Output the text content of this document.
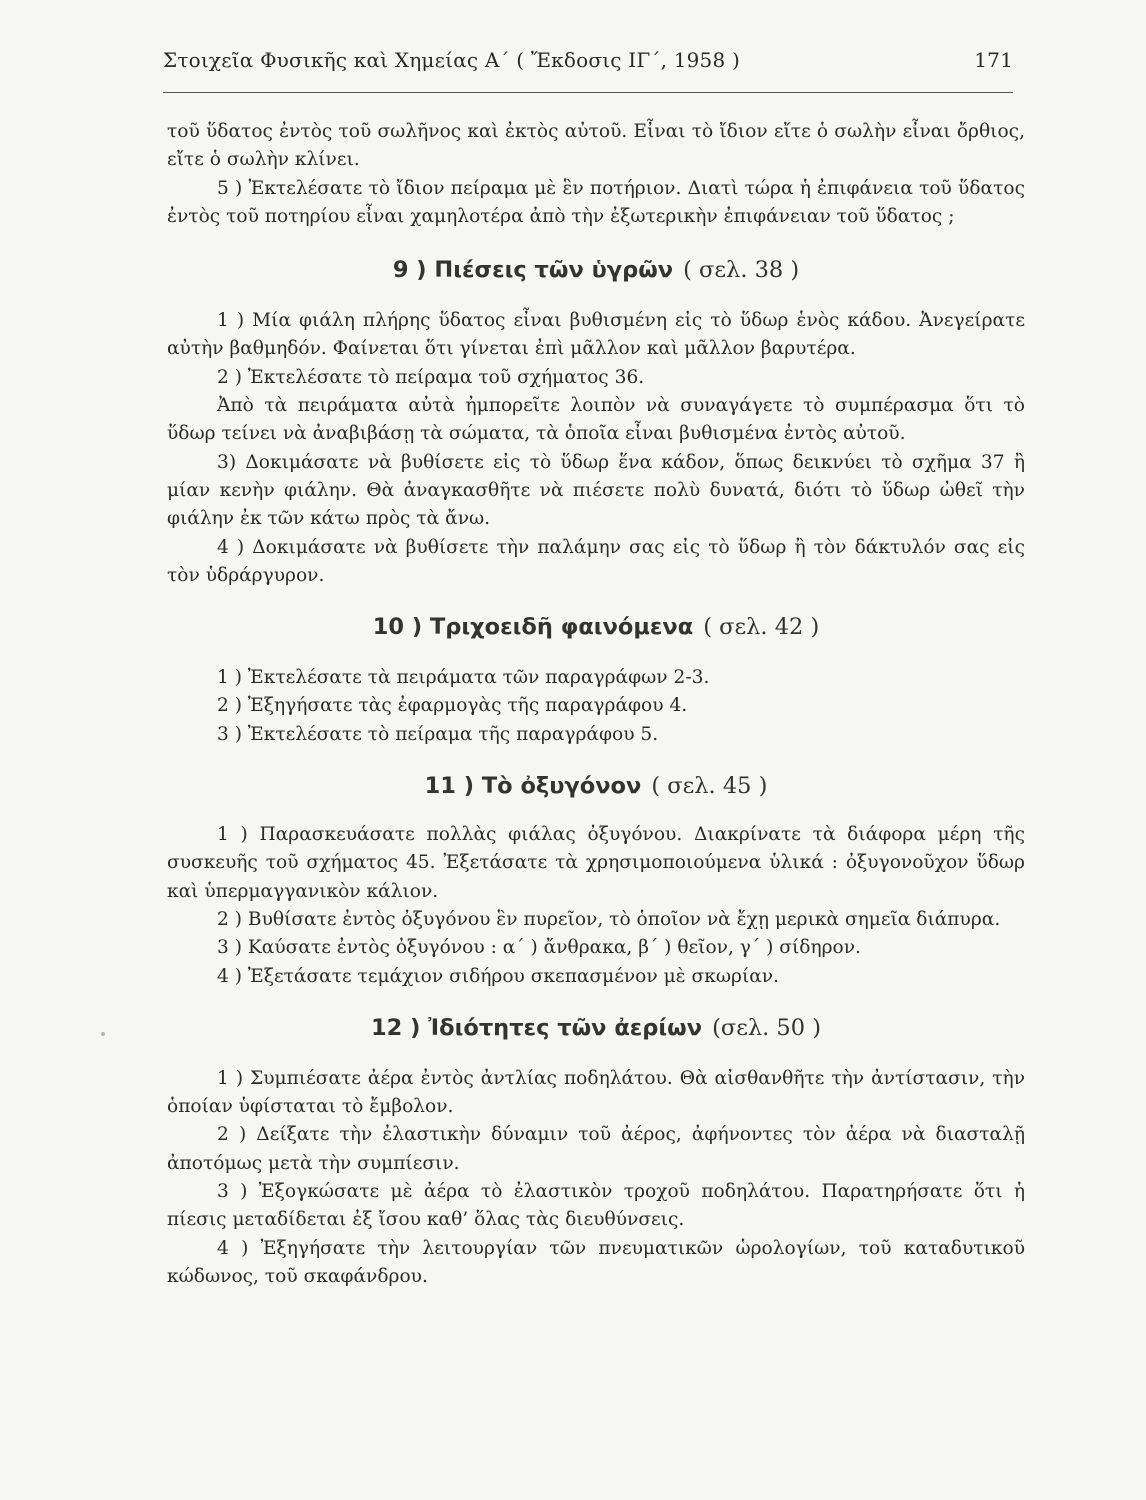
Στοιχεῖα Φυσικῆς καὶ Χημείας Α΄ ( Ἔκδοσις ΙΓ΄, 1958 )	171

τοῦ ὕδατος ἐντὸς τοῦ σωλῆνος καὶ ἐκτὸς αὐτοῦ. Εἶναι τὸ ἴδιον εἴτε ὁ σωλὴν εἶναι ὄρθιος, εἴτε ὁ σωλὴν κλίνει.

5 ) Ἐκτελέσατε τὸ ἴδιον πείραμα μὲ ἓν ποτήριον. Διατὶ τώρα ἡ ἐπιφάνεια τοῦ ὕδατος ἐντὸς τοῦ ποτηρίου εἶναι χαμηλοτέρα ἀπὸ τὴν ἐξωτερικὴν ἐπιφάνειαν τοῦ ὕδατος ;

9 ) Πιέσεις τῶν ὑγρῶν ( σελ. 38 )

1 ) Μία φιάλη πλήρης ὕδατος εἶναι βυθισμένη εἰς τὸ ὕδωρ ἑνὸς κάδου. Ἀνεγείρατε αὐτὴν βαθμηδόν. Φαίνεται ὅτι γίνεται ἐπὶ μᾶλλον καὶ μᾶλλον βαρυτέρα.

2 ) Ἐκτελέσατε τὸ πείραμα τοῦ σχήματος 36.

Ἀπὸ τὰ πειράματα αὐτὰ ἠμπορεῖτε λοιπὸν νὰ συναγάγετε τὸ συμπέρασμα ὅτι τὸ ὕδωρ τείνει νὰ ἀναβιβάσῃ τὰ σώματα, τὰ ὁποῖα εἶναι βυθισμένα ἐντὸς αὐτοῦ.

3) Δοκιμάσατε νὰ βυθίσετε εἰς τὸ ὕδωρ ἕνα κάδον, ὅπως δεικνύει τὸ σχῆμα 37 ἢ μίαν κενὴν φιάλην. Θὰ ἀναγκασθῆτε νὰ πιέσετε πολὺ δυνατά, διότι τὸ ὕδωρ ὠθεῖ τὴν φιάλην ἐκ τῶν κάτω πρὸς τὰ ἄνω.

4 ) Δοκιμάσατε νὰ βυθίσετε τὴν παλάμην σας εἰς τὸ ὕδωρ ἢ τὸν δάκτυλόν σας εἰς τὸν ὑδράργυρον.

10 ) Τριχοειδῆ φαινόμενα ( σελ. 42 )

1 ) Ἐκτελέσατε τὰ πειράματα τῶν παραγράφων 2-3.

2 ) Ἐξηγήσατε τὰς ἐφαρμογὰς τῆς παραγράφου 4.

3 ) Ἐκτελέσατε τὸ πείραμα τῆς παραγράφου 5.

11 ) Τὸ ὀξυγόνον ( σελ. 45 )

1 ) Παρασκευάσατε πολλὰς φιάλας ὀξυγόνου. Διακρίνατε τὰ διάφορα μέρη τῆς συσκευῆς τοῦ σχήματος 45. Ἐξετάσατε τὰ χρησιμοποιούμενα ὑλικά : ὀξυγονοῦχον ὕδωρ καὶ ὑπερμαγγανικὸν κάλιον.

2 ) Βυθίσατε ἐντὸς ὀξυγόνου ἓν πυρεῖον, τὸ ὁποῖον νὰ ἔχῃ μερικὰ σημεῖα διάπυρα.

3 ) Καύσατε ἐντὸς ὀξυγόνου : α΄ ) ἄνθρακα, β΄ ) θεῖον, γ΄ ) σίδηρον.

4 ) Ἐξετάσατε τεμάχιον σιδήρου σκεπασμένον μὲ σκωρίαν.

12 ) Ἰδιότητες τῶν ἀερίων (σελ. 50 )

1 ) Συμπιέσατε ἀέρα ἐντὸς ἀντλίας ποδηλάτου. Θὰ αἰσθανθῆτε τὴν ἀντίστασιν, τὴν ὁποίαν ὑφίσταται τὸ ἔμβολον.

2 ) Δείξατε τὴν ἐλαστικὴν δύναμιν τοῦ ἀέρος, ἀφήνοντες τὸν ἀέρα νὰ διασταλῇ ἀποτόμως μετὰ τὴν συμπίεσιν.

3 ) Ἐξογκώσατε μὲ ἀέρα τὸ ἐλαστικὸν τροχοῦ ποδηλάτου. Παρατηρήσατε ὅτι ἡ πίεσις μεταδίδεται ἐξ ἴσου καθ’ ὅλας τὰς διευθύνσεις.

4 ) Ἐξηγήσατε τὴν λειτουργίαν τῶν πνευματικῶν ὡρολογίων, τοῦ καταδυτικοῦ κώδωνος, τοῦ σκαφάνδρου.
